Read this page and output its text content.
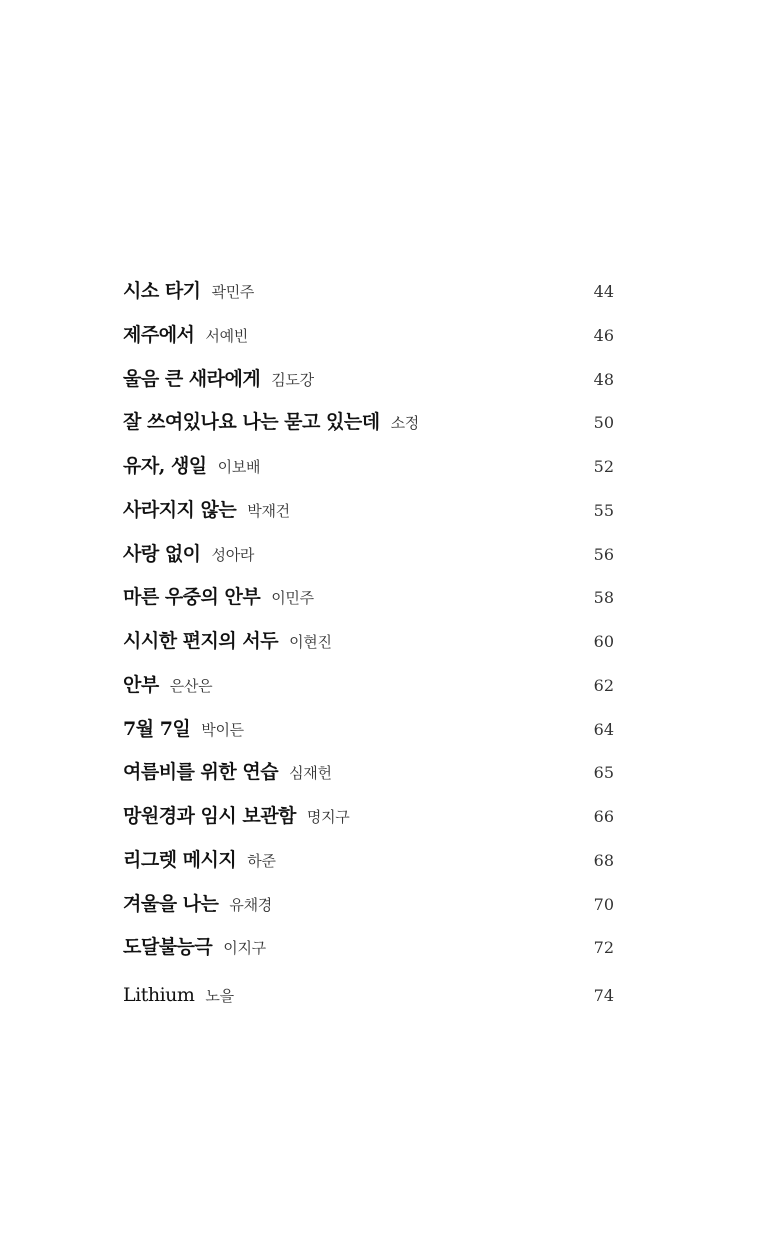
시소 타기 곽민주	44
제주에서 서예빈	46
울음 큰 새라에게 김도강	48
잘 쓰여있나요 나는 묻고 있는데 소정	50
유자, 생일 이보배	52
사라지지 않는 박재건	55
사랑 없이 성아라	56
마른 우중의 안부 이민주	58
시시한 편지의 서두 이현진	60
안부 은산은	62
7월 7일 박이든	64
여름비를 위한 연습 심재헌	65
망원경과 임시 보관함 명지구	66
리그렛 메시지 하준	68
겨울을 나는 유채경	70
도달불능극 이지구	72
Lithium 노을	74
